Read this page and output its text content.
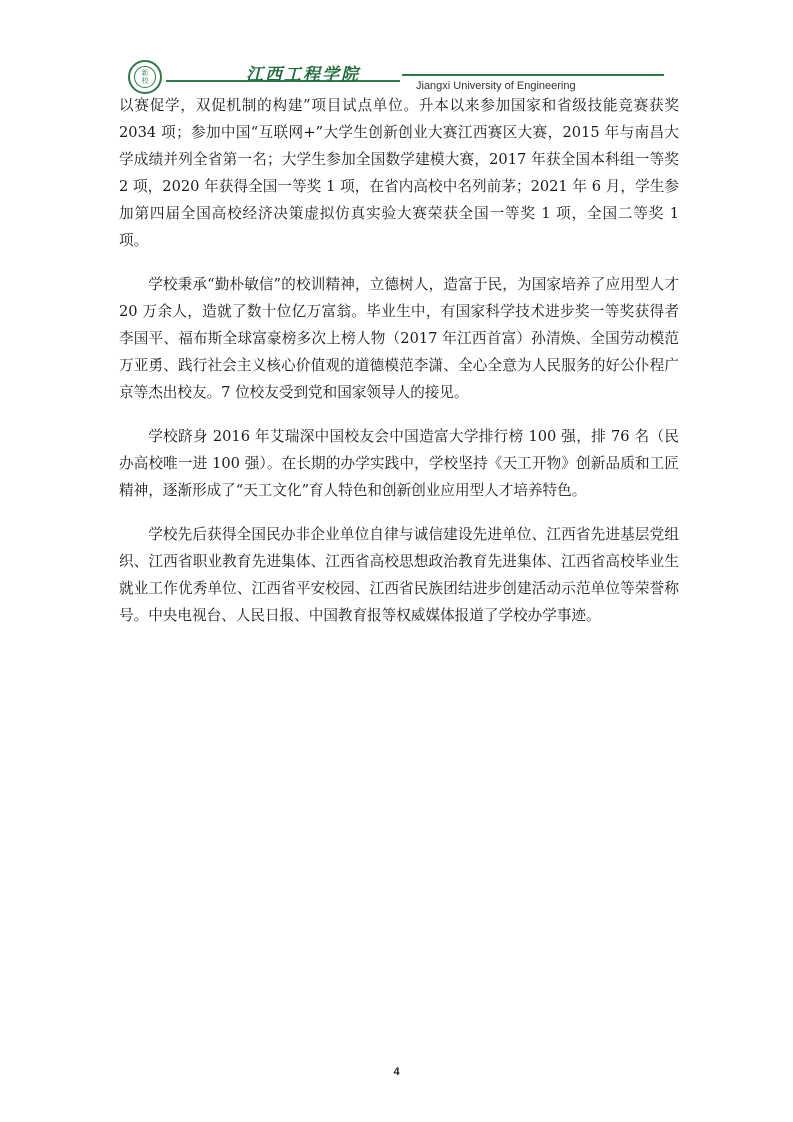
新
校	江西工程学院
Jiangxi University of Engineering

以赛促学，双促机制的构建”项目试点单位。升本以来参加国家和省级技能竞赛获奖 2034 项；参加中国“互联网+”大学生创新创业大赛江西赛区大赛，2015 年与南昌大学成绩并列全省第一名；大学生参加全国数学建模大赛，2017 年获全国本科组一等奖 2 项，2020 年获得全国一等奖 1 项，在省内高校中名列前茅；2021 年 6 月，学生参加第四届全国高校经济决策虚拟仿真实验大赛荣获全国一等奖 1 项，全国二等奖 1 项。

学校秉承“勤朴敏信”的校训精神，立德树人，造富于民，为国家培养了应用型人才 20 万余人，造就了数十位亿万富翁。毕业生中，有国家科学技术进步奖一等奖获得者李国平、福布斯全球富豪榜多次上榜人物（2017 年江西首富）孙清焕、全国劳动模范万亚勇、践行社会主义核心价值观的道德模范李潇、全心全意为人民服务的好公仆程广京等杰出校友。7 位校友受到党和国家领导人的接见。

学校跻身 2016 年艾瑞深中国校友会中国造富大学排行榜 100 强，排 76 名（民办高校唯一进 100 强）。在长期的办学实践中，学校坚持《天工开物》创新品质和工匠精神，逐渐形成了“天工文化”育人特色和创新创业应用型人才培养特色。

学校先后获得全国民办非企业单位自律与诚信建设先进单位、江西省先进基层党组织、江西省职业教育先进集体、江西省高校思想政治教育先进集体、江西省高校毕业生就业工作优秀单位、江西省平安校园、江西省民族团结进步创建活动示范单位等荣誉称号。中央电视台、人民日报、中国教育报等权威媒体报道了学校办学事迹。

4
